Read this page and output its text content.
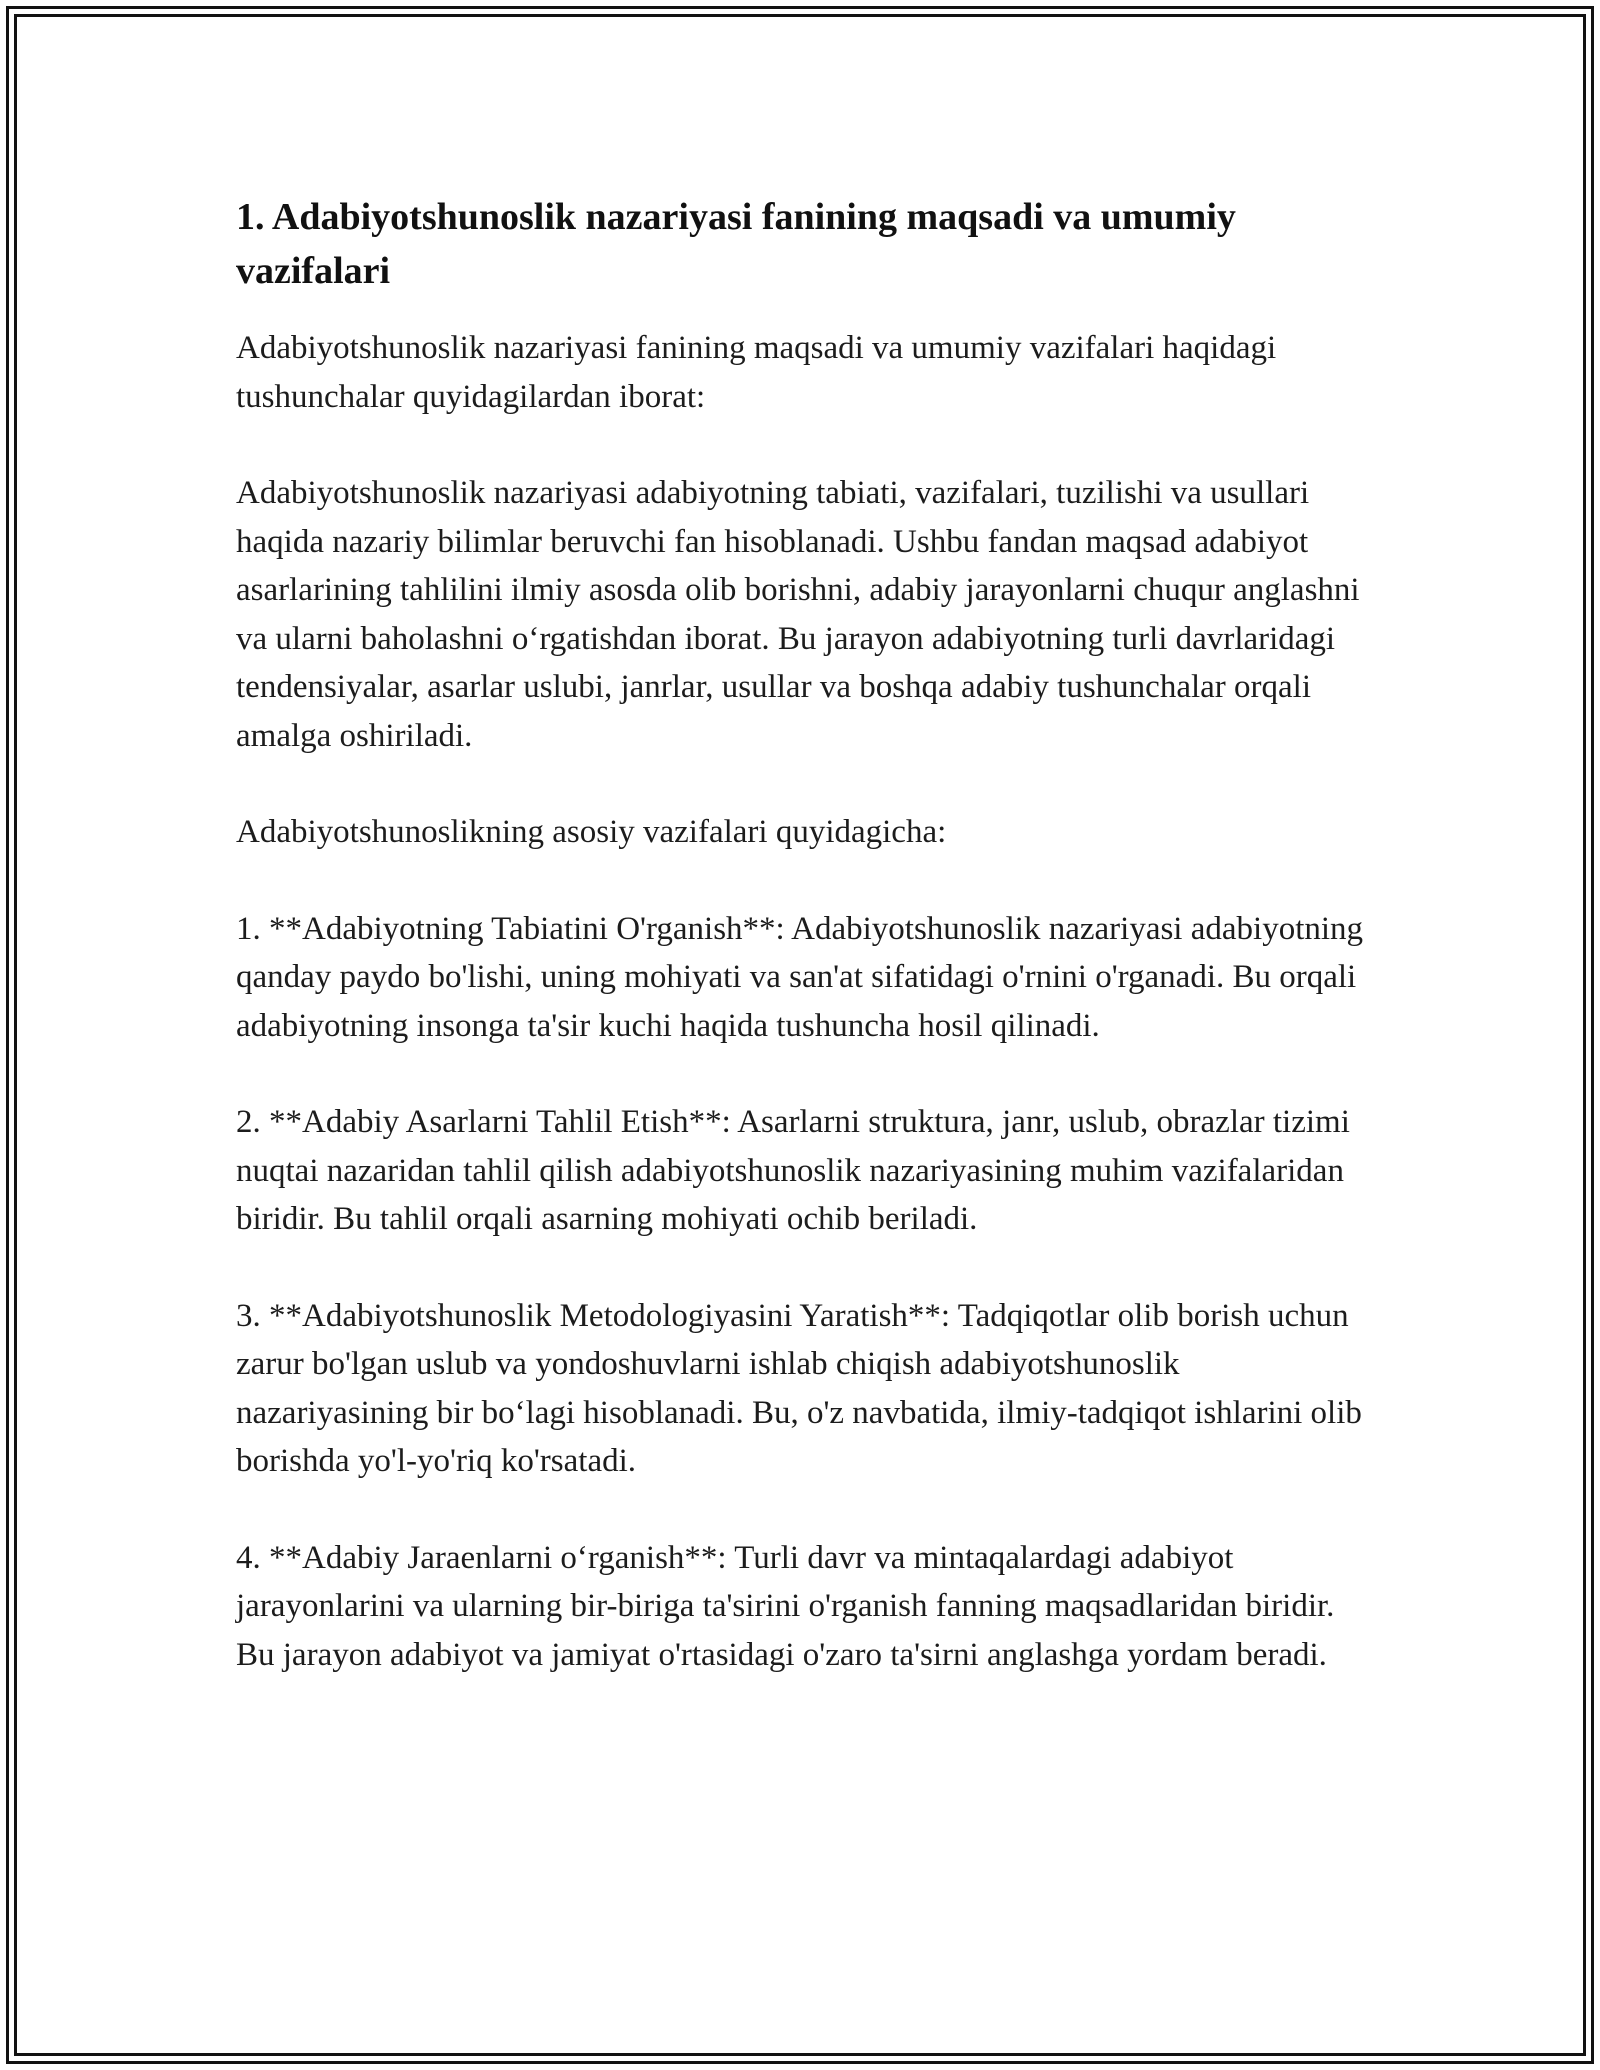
1. Adabiyotshunoslik nazariyasi fanining maqsadi va umumiy vazifalari

Adabiyotshunoslik nazariyasi fanining maqsadi va umumiy vazifalari haqidagi tushunchalar quyidagilardan iborat:

Adabiyotshunoslik nazariyasi adabiyotning tabiati, vazifalari, tuzilishi va usullari haqida nazariy bilimlar beruvchi fan hisoblanadi. Ushbu fandan maqsad adabiyot asarlarining tahlilini ilmiy asosda olib borishni, adabiy jarayonlarni chuqur anglashni va ularni baholashni o‘rgatishdan iborat. Bu jarayon adabiyotning turli davrlaridagi tendensiyalar, asarlar uslubi, janrlar, usullar va boshqa adabiy tushunchalar orqali amalga oshiriladi.

Adabiyotshunoslikning asosiy vazifalari quyidagicha:

1. **Adabiyotning Tabiatini O'rganish**: Adabiyotshunoslik nazariyasi adabiyotning qanday paydo bo'lishi, uning mohiyati va san'at sifatidagi o'rnini o'rganadi. Bu orqali adabiyotning insonga ta'sir kuchi haqida tushuncha hosil qilinadi.

2. **Adabiy Asarlarni Tahlil Etish**: Asarlarni struktura, janr, uslub, obrazlar tizimi nuqtai nazaridan tahlil qilish adabiyotshunoslik nazariyasining muhim vazifalaridan biridir. Bu tahlil orqali asarning mohiyati ochib beriladi.

3. **Adabiyotshunoslik Metodologiyasini Yaratish**: Tadqiqotlar olib borish uchun zarur bo'lgan uslub va yondoshuvlarni ishlab chiqish adabiyotshunoslik nazariyasining bir bo‘lagi hisoblanadi. Bu, o'z navbatida, ilmiy-tadqiqot ishlarini olib borishda yo'l-yo'riq ko'rsatadi.

4. **Adabiy Jaraenlarni o‘rganish**: Turli davr va mintaqalardagi adabiyot jarayonlarini va ularning bir-biriga ta'sirini o'rganish fanning maqsadlaridan biridir. Bu jarayon adabiyot va jamiyat o'rtasidagi o'zaro ta'sirni anglashga yordam beradi.
